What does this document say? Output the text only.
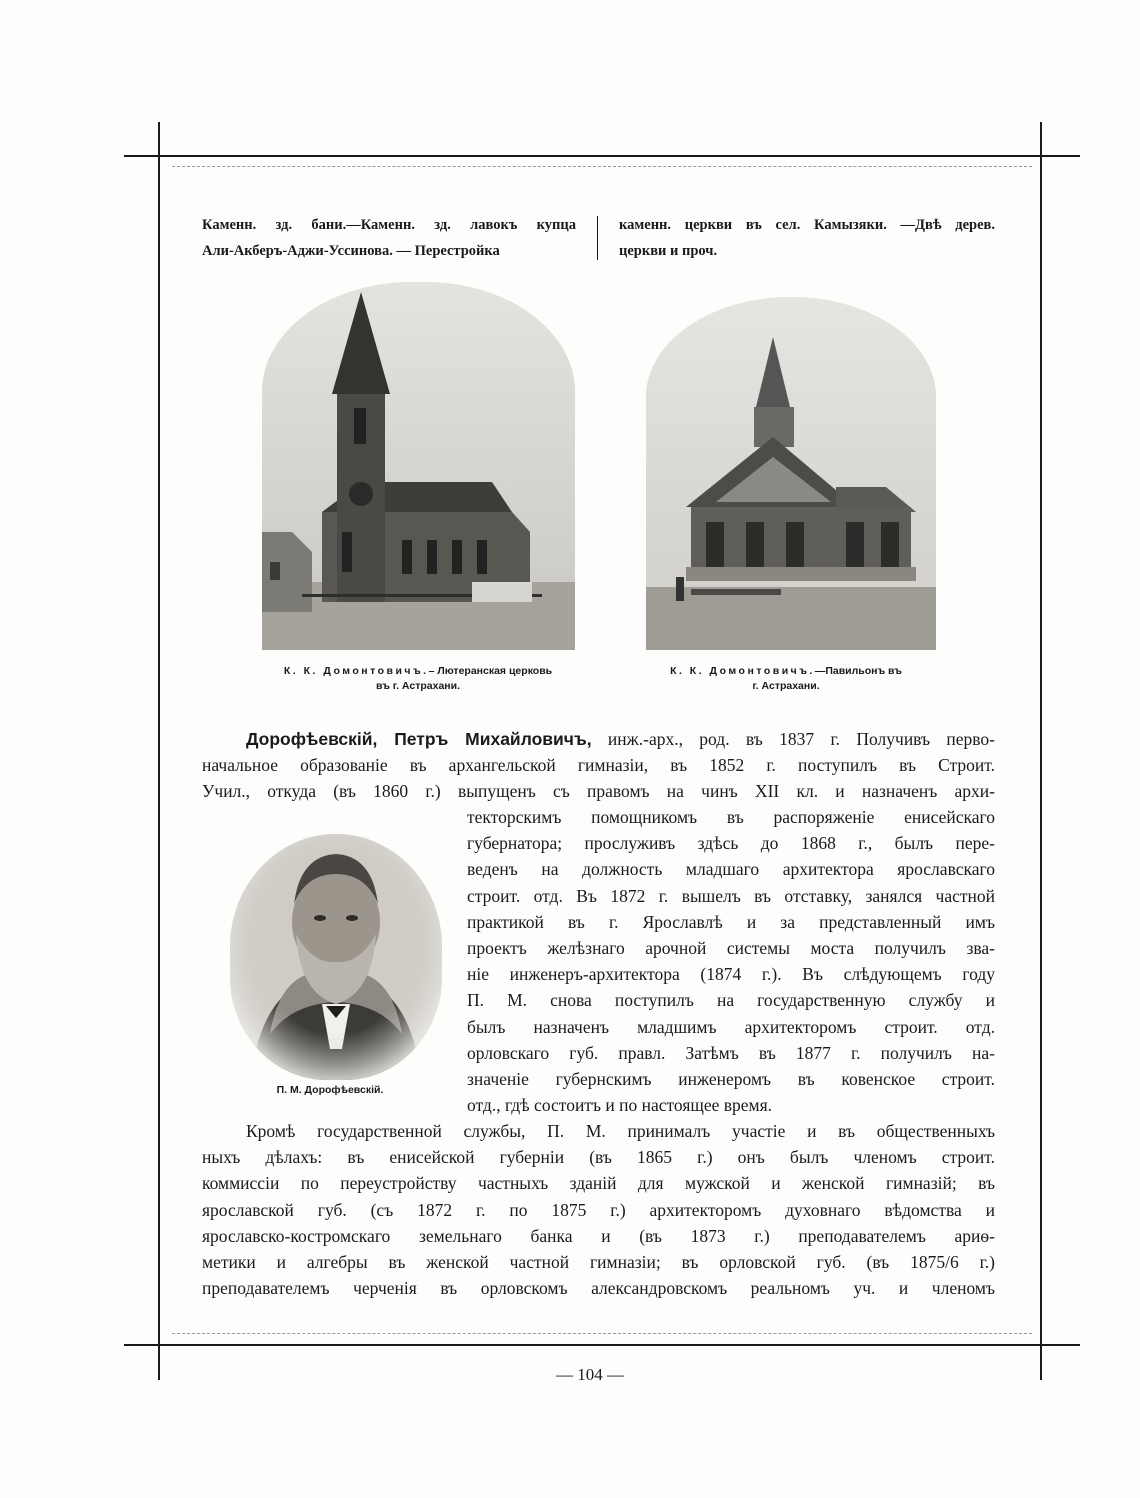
Каменн. зд. бани.—Каменн. зд. лавокъ купца
Али-Акберъ-Аджи-Уссинова. — Перестройка
каменн. церкви въ сел. Камызяки. —Двѣ дерев.
церкви и проч.
К. К. Домонтовичъ.– Лютеранская церковь
въ г. Астрахани.
К. К. Домонтовичъ.—Павильонъ въ
г. Астрахани.
Дорофѣевскій, Петръ Михайловичъ, инж.-арх., род. въ 1837 г. Получивъ перво-
начальное образованіе въ архангельской гимназіи, въ 1852 г. поступилъ въ Строит.
Учил., откуда (въ 1860 г.) выпущенъ съ правомъ на чинъ XII кл. и назначенъ архи-
П. М. Дорофѣевскій.
текторскимъ помощникомъ въ распоряженіе енисейскаго
губернатора; прослуживъ здѣсь до 1868 г., былъ пере-
веденъ на должность младшаго архитектора ярославскаго
строит. отд. Въ 1872 г. вышелъ въ отставку, занялся частной
практикой въ г. Ярославлѣ и за представленный имъ
проектъ желѣзнаго арочной системы моста получилъ зва-
ніе инженеръ-архитектора (1874 г.). Въ слѣдующемъ году
П. М. снова поступилъ на государственную службу и
былъ назначенъ младшимъ архитекторомъ строит. отд.
орловскаго губ. правл. Затѣмъ въ 1877 г. получилъ на-
значеніе губернскимъ инженеромъ въ ковенское строит.
отд., гдѣ состоитъ и по настоящее время.
Кромѣ государственной службы, П. М. принималъ участіе и въ общественныхъ
ныхъ дѣлахъ: въ енисейской губерніи (въ 1865 г.) онъ былъ членомъ строит.
коммиссіи по переустройству частныхъ зданій для мужской и женской гимназій; въ
ярославской губ. (съ 1872 г. по 1875 г.) архитекторомъ духовнаго вѣдомства и
ярославско-костромскаго земельнаго банка и (въ 1873 г.) преподавателемъ ариѳ-
метики и алгебры въ женской частной гимназіи; въ орловской губ. (въ 1875/6 г.)
преподавателемъ черченія въ орловскомъ александровскомъ реальномъ уч. и членомъ
— 104 —
